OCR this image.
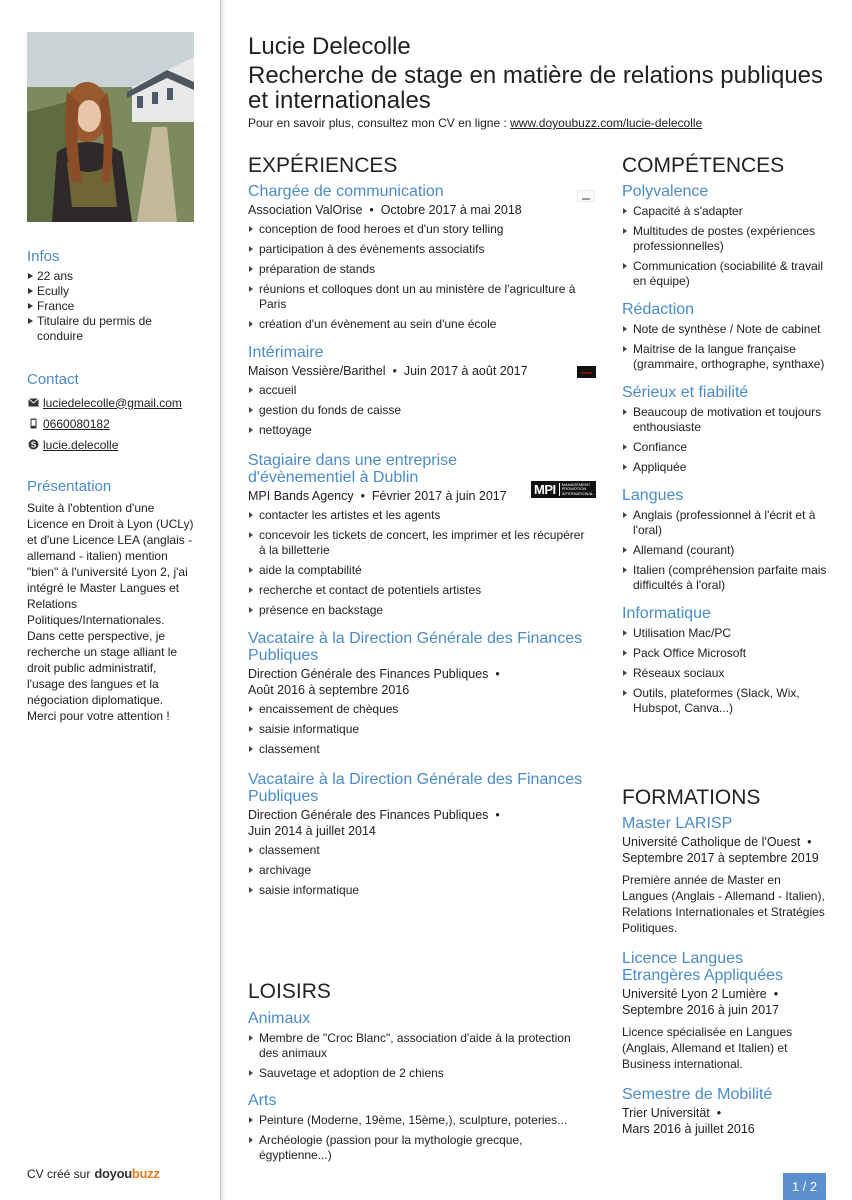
Infos
22 ans
Ecully
France
Titulaire du permis de conduire
Contact
luciedelecolle@gmail.com
0660080182
S lucie.delecolle
Présentation
Suite à l'obtention d'une Licence en Droit à Lyon (UCLy) et d'une Licence LEA (anglais - allemand - italien) mention "bien" à l'université Lyon 2, j'ai intégré le Master Langues et Relations Politiques/Internationales. Dans cette perspective, je recherche un stage alliant le droit public administratif, l'usage des langues et la négociation diplomatique.
Merci pour votre attention !
CV créé sur doyoubuzz
Lucie Delecolle
Recherche de stage en matière de relations publiques et internationales
Pour en savoir plus, consultez mon CV en ligne : www.doyoubuzz.com/lucie-delecolle
EXPÉRIENCES
Chargée de communication
Association ValOrise  •  Octobre 2017 à mai 2018
conception de food heroes et d'un story telling
participation à des évènements associatifs
préparation de stands
réunions et colloques dont un au ministère de l'agriculture à Paris
création d'un évènement au sein d'une école
Intérimaire
Maison Vessière/Barithel  •  Juin 2017 à août 2017
accueil
gestion du fonds de caisse
nettoyage
Stagiaire dans une entreprise d'évènementiel à Dublin
MPI Bands Agency  •  Février 2017 à juin 2017
contacter les artistes et les agents
concevoir les tickets de concert, les imprimer et les récupérer à la billetterie
aide la comptabilité
recherche et contact de potentiels artistes
présence en backstage
Vacataire à la Direction Générale des Finances Publiques
Direction Générale des Finances Publiques  •
Août 2016 à septembre 2016
encaissement de chèques
saisie informatique
classement
Vacataire à la Direction Générale des Finances Publiques
Direction Générale des Finances Publiques  •
Juin 2014 à juillet 2014
classement
archivage
saisie informatique
MPI	MANAGEMENT PROMOTION INTERNATIONAL
LOISIRS
Animaux
Membre de "Croc Blanc", association d'aide à la protection des animaux
Sauvetage et adoption de 2 chiens
Arts
Peinture (Moderne, 19ème, 15ème,), sculpture, poteries...
Archéologie (passion pour la mythologie grecque, égyptienne...)
COMPÉTENCES
Polyvalence
Capacité à s'adapter
Multitudes de postes (expériences professionnelles)
Communication (sociabilité & travail en équipe)
Rédaction
Note de synthèse / Note de cabinet
Maitrise de la langue française (grammaire, orthographe, synthaxe)
Sérieux et fiabilité
Beaucoup de motivation et toujours enthousiaste
Confiance
Appliquée
Langues
Anglais (professionnel à l'écrit et à l'oral)
Allemand (courant)
Italien (compréhension parfaite mais difficultés à l'oral)
Informatique
Utilisation Mac/PC
Pack Office Microsoft
Réseaux sociaux
Outils, plateformes (Slack, Wix, Hubspot, Canva...)
FORMATIONS
Master LARISP
Université Catholique de l'Ouest  •
Septembre 2017 à septembre 2019
Première année de Master en Langues (Anglais - Allemand - Italien), Relations Internationales et Stratégies Politiques.
Licence Langues Etrangères Appliquées
Université Lyon 2 Lumière  •
Septembre 2016 à juin 2017
Licence spécialisée en Langues (Anglais, Allemand et Italien) et Business international.
Semestre de Mobilité
Trier Universität  •
Mars 2016 à juillet 2016
1 / 2
